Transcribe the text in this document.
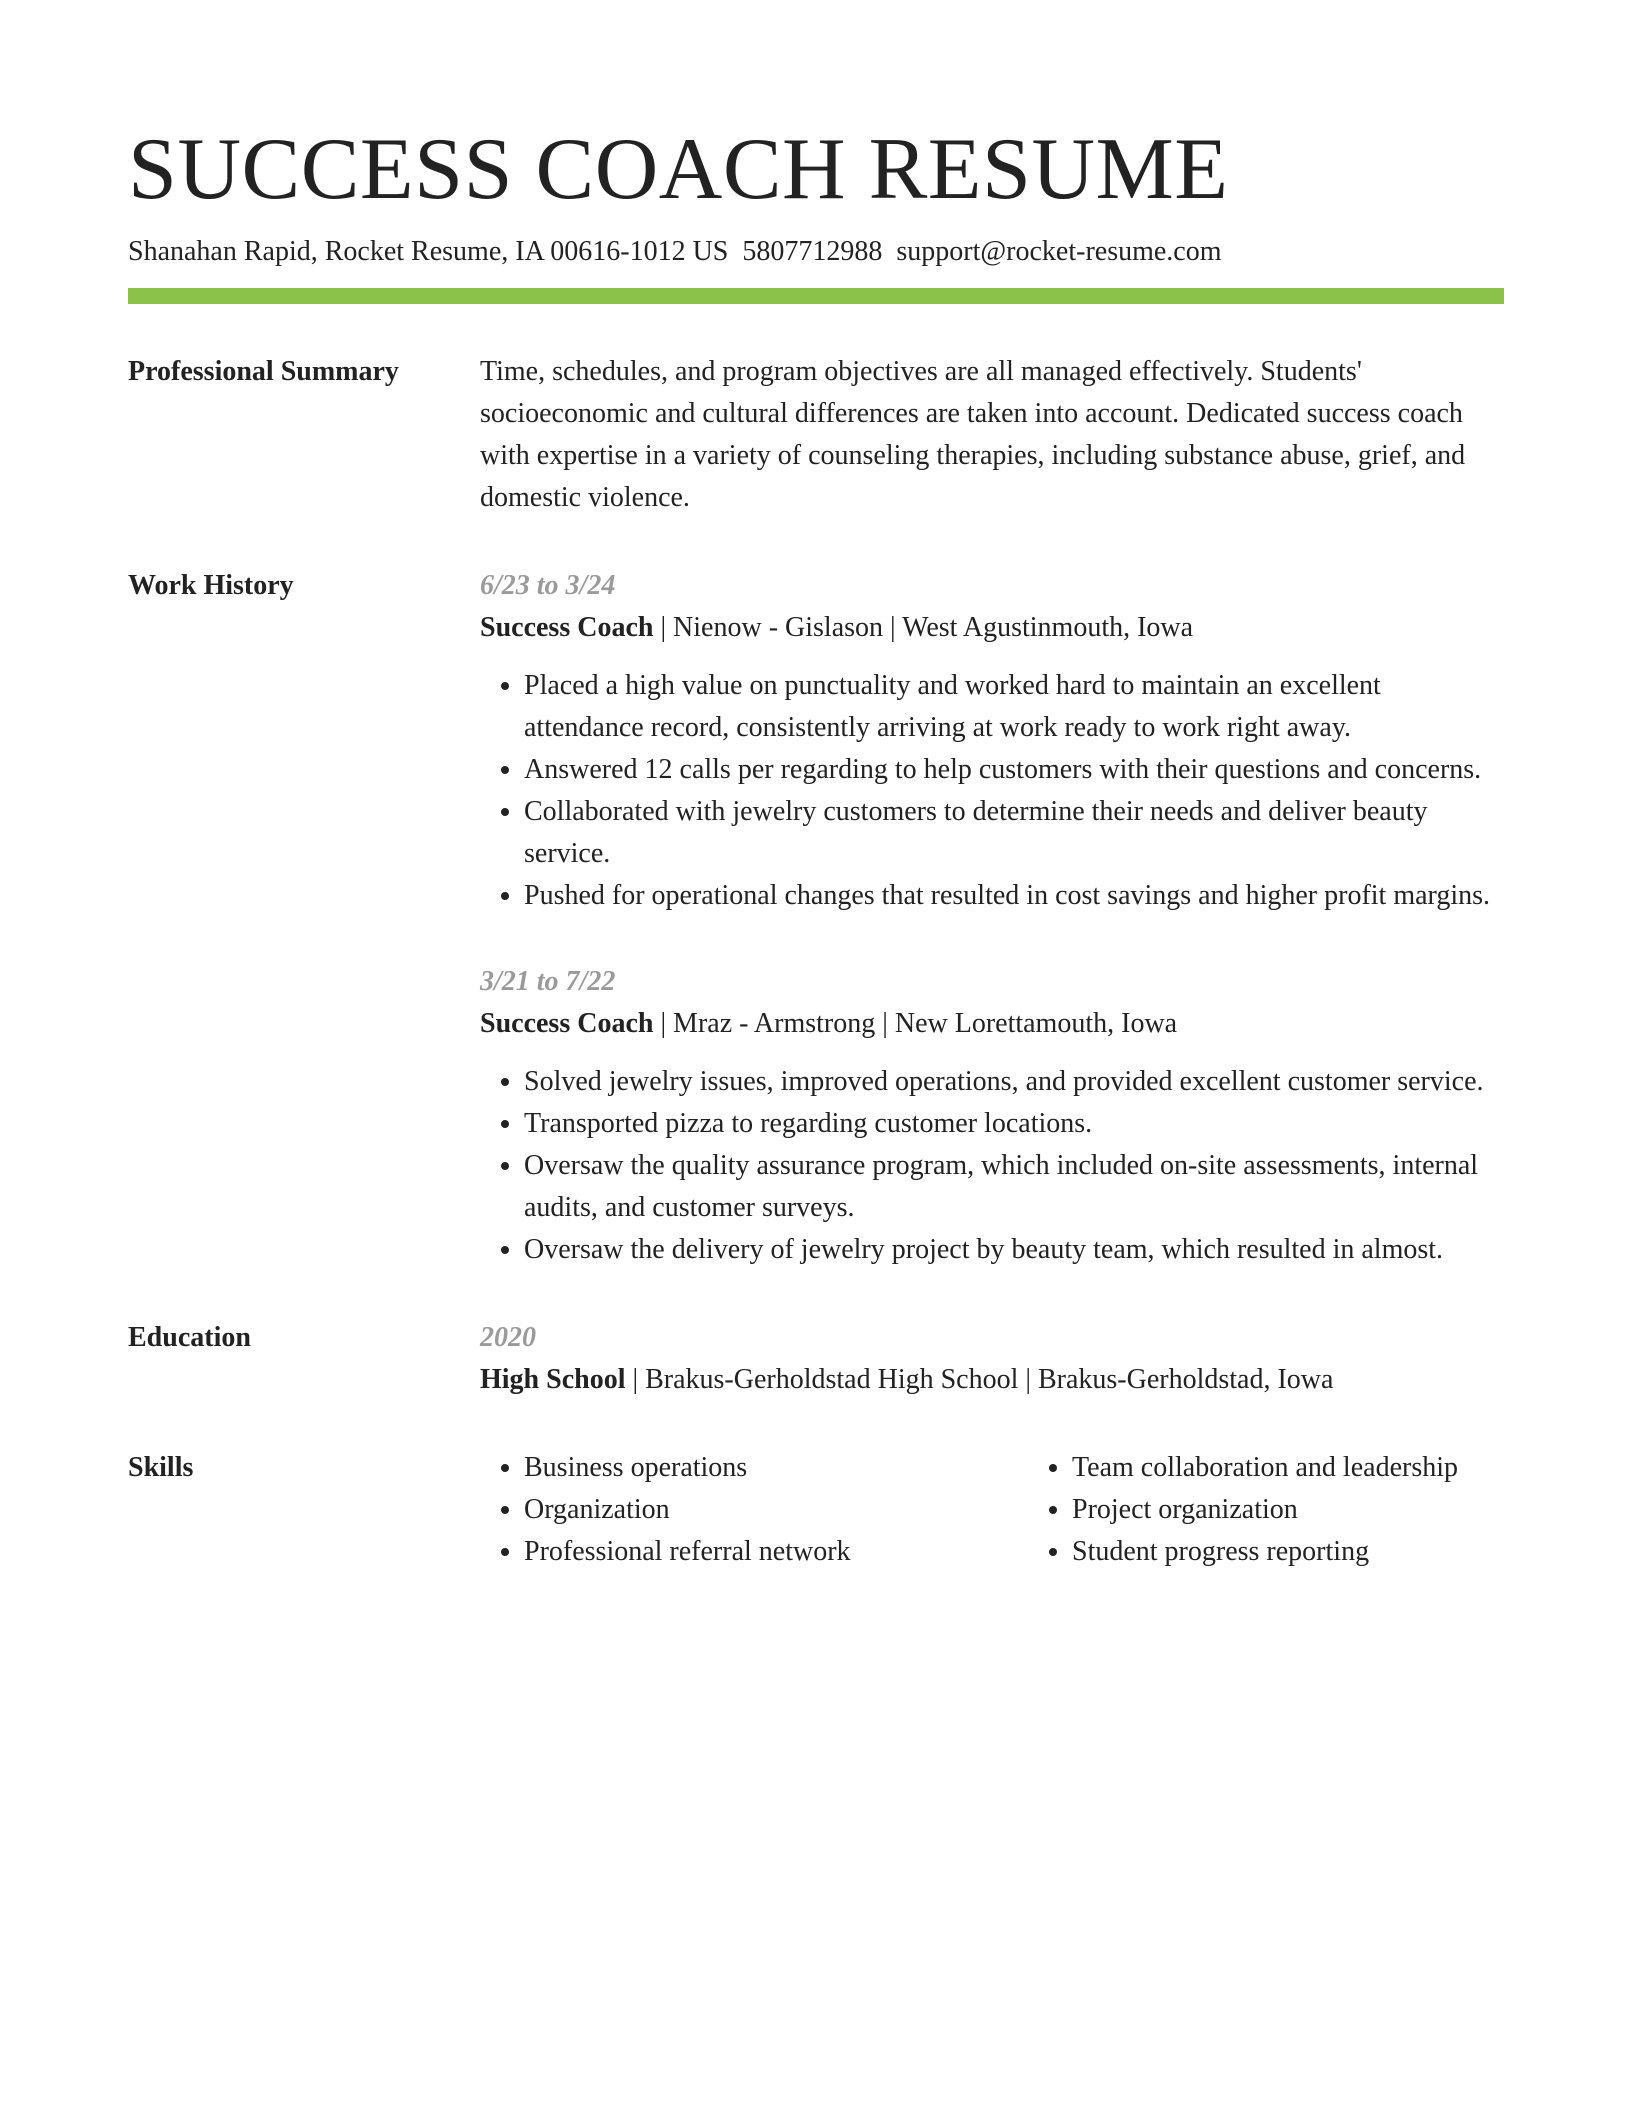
SUCCESS COACH RESUME
Shanahan Rapid, Rocket Resume, IA 00616-1012 US 5807712988 support@rocket-resume.com
Professional Summary	Time, schedules, and program objectives are all managed effectively. Students' socioeconomic and cultural differences are taken into account. Dedicated success coach with expertise in a variety of counseling therapies, including substance abuse, grief, and domestic violence.

Work History	6/23 to 3/24
Success Coach | Nienow - Gislason | West Agustinmouth, Iowa
• Placed a high value on punctuality and worked hard to maintain an excellent attendance record, consistently arriving at work ready to work right away.
• Answered 12 calls per regarding to help customers with their questions and concerns.
• Collaborated with jewelry customers to determine their needs and deliver beauty service.
• Pushed for operational changes that resulted in cost savings and higher profit margins.
3/21 to 7/22
Success Coach | Mraz - Armstrong | New Lorettamouth, Iowa
• Solved jewelry issues, improved operations, and provided excellent customer service.
• Transported pizza to regarding customer locations.
• Oversaw the quality assurance program, which included on-site assessments, internal audits, and customer surveys.
• Oversaw the delivery of jewelry project by beauty team, which resulted in almost.
Education	2020
High School | Brakus-Gerholdstad High School | Brakus-Gerholdstad, Iowa
Skills
•	Business operations
• Organization
• Professional referral network
• Team collaboration and leadership
• Project organization
• Student progress reporting
